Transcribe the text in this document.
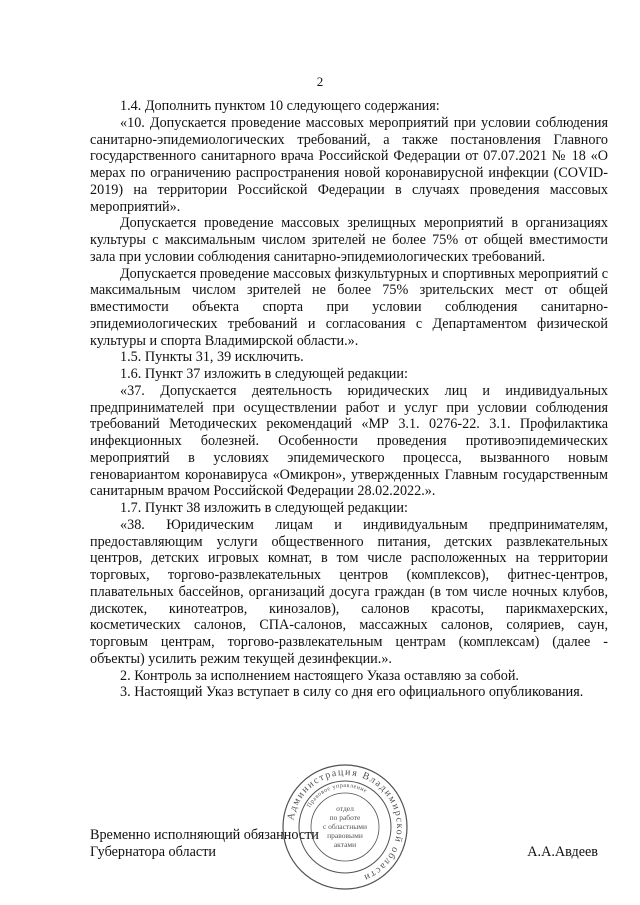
2

1.4. Дополнить пунктом 10 следующего содержания:

«10. Допускается проведение массовых мероприятий при условии соблюдения санитарно-эпидемиологических требований, а также постановления Главного государственного санитарного врача Российской Федерации от 07.07.2021 № 18 «О мерах по ограничению распространения новой коронавирусной инфекции (COVID-2019) на территории Российской Федерации в случаях проведения массовых мероприятий».

Допускается проведение массовых зрелищных мероприятий в организациях культуры с максимальным числом зрителей не более 75% от общей вместимости зала при условии соблюдения санитарно-эпидемиологических требований.

Допускается проведение массовых физкультурных и спортивных мероприятий с максимальным числом зрителей не более 75% зрительских мест от общей вместимости объекта спорта при условии соблюдения санитарно-эпидемиологических требований и согласования с Департаментом физической культуры и спорта Владимирской области.».

1.5. Пункты 31, 39 исключить.

1.6. Пункт 37 изложить в следующей редакции:

«37. Допускается деятельность юридических лиц и индивидуальных предпринимателей при осуществлении работ и услуг при условии соблюдения требований Методических рекомендаций «МР 3.1. 0276-22. 3.1. Профилактика инфекционных болезней. Особенности проведения противоэпидемических мероприятий в условиях эпидемического процесса, вызванного новым геновариантом коронавируса «Омикрон», утвержденных Главным государственным санитарным врачом Российской Федерации 28.02.2022.».

1.7. Пункт 38 изложить в следующей редакции:

«38. Юридическим лицам и индивидуальным предпринимателям, предоставляющим услуги общественного питания, детских развлекательных центров, детских игровых комнат, в том числе расположенных на территории торговых, торгово-развлекательных центров (комплексов), фитнес-центров, плавательных бассейнов, организаций досуга граждан (в том числе ночных клубов, дискотек, кинотеатров, кинозалов), салонов красоты, парикмахерских, косметических салонов, СПА-салонов, массажных салонов, соляриев, саун, торговым центрам, торгово-развлекательным центрам (комплексам) (далее - объекты) усилить режим текущей дезинфекции.».

2. Контроль за исполнением настоящего Указа оставляю за собой.

3. Настоящий Указ вступает в силу со дня его официального опубликования.

Временно исполняющий обязанности
Губернатора области	А.А.Авдеев
Администрация Владимирской области
Правовое управление
отдел
по работе
с областными
правовыми
актами
